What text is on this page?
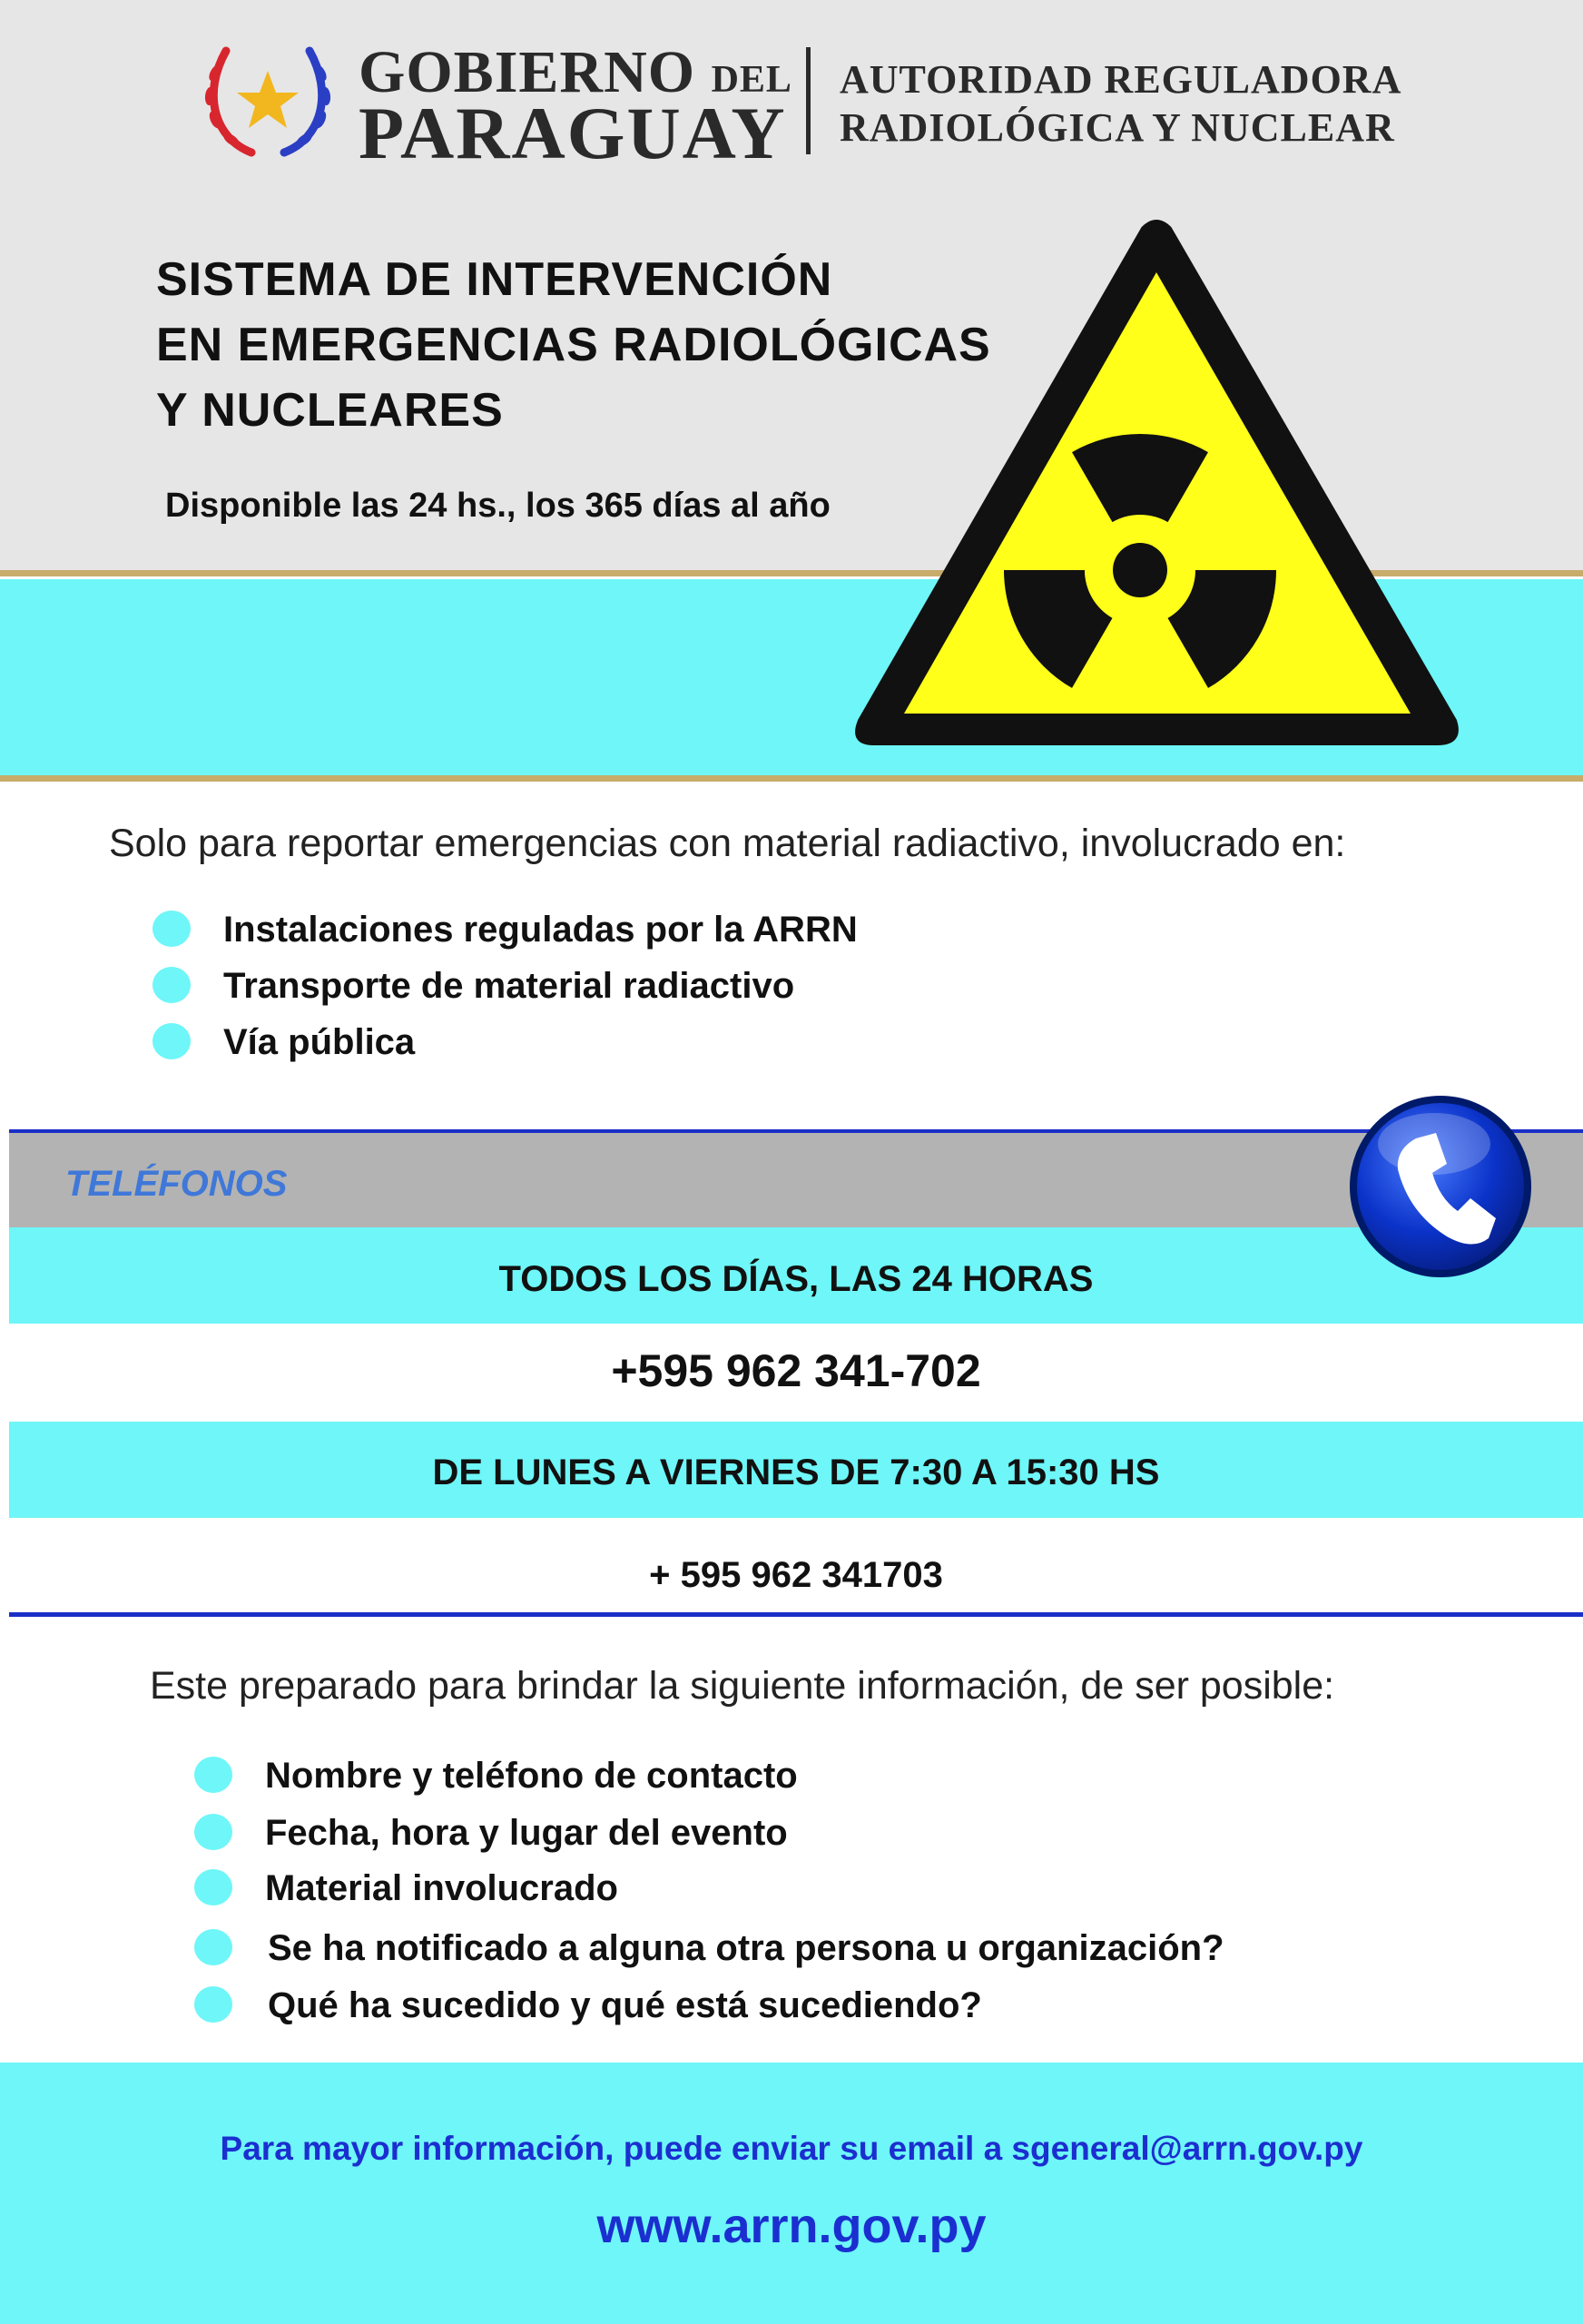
GOBIERNO DEL
PARAGUAY
AUTORIDAD REGULADORA
RADIOLÓGICA Y NUCLEAR
SISTEMA DE INTERVENCIÓN
EN EMERGENCIAS RADIOLÓGICAS
Y NUCLEARES
Disponible las 24 hs., los 365 días al año
Solo para reportar emergencias con material radiactivo, involucrado en:
Instalaciones reguladas por la ARRN
Transporte de material radiactivo
Vía pública
TELÉFONOS
TODOS LOS DÍAS, LAS 24 HORAS
+595 962 341-702
DE LUNES A VIERNES DE 7:30 A 15:30 HS
+ 595 962 341703
Este preparado para brindar la siguiente información, de ser posible:
Nombre y teléfono de contacto
Fecha, hora y lugar del evento
Material involucrado
Se ha notificado a alguna otra persona u organización?
Qué ha sucedido y qué está sucediendo?
Para mayor información, puede enviar su email a sgeneral@arrn.gov.py
www.arrn.gov.py
